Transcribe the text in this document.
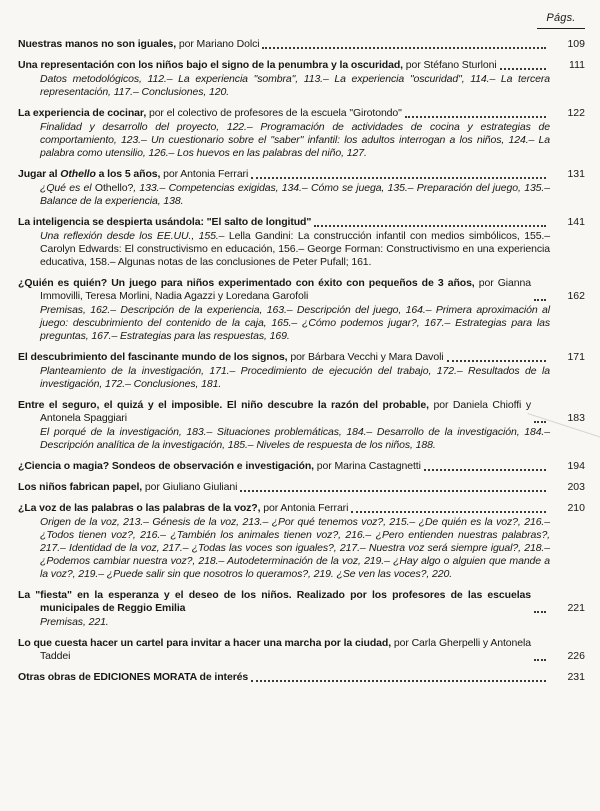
Págs.
Nuestras manos no son iguales, por Mariano Dolci	109
Una representación con los niños bajo el signo de la penumbra y la oscuridad, por Stéfano Sturloni	111
Datos metodológicos, 112.– La experiencia "sombra", 113.– La experiencia "oscuridad", 114.– La tercera representación, 117.– Conclusiones, 120.
La experiencia de cocinar, por el colectivo de profesores de la escuela "Girotondo"	122
Finalidad y desarrollo del proyecto, 122.– Programación de actividades de cocina y estrategias de comportamiento, 123.– Un cuestionario sobre el "saber" infantil: los adultos interrogan a los niños, 124.– La palabra como utensilio, 126.– Los huevos en las palabras del niño, 127.
Jugar al Othello a los 5 años, por Antonia Ferrari	131
¿Qué es el Othello?, 133.– Competencias exigidas, 134.– Cómo se juega, 135.– Preparación del juego, 135.– Balance de la experiencia, 138.
La inteligencia se despierta usándola: "El salto de longitud"	141
Una reflexión desde los EE.UU., 155.– Lella Gandini: La construcción infantil con medios simbólicos, 155.– Carolyn Edwards: El constructivismo en educación, 156.– George Forman: Constructivismo en una experiencia educativa, 158.– Algunas notas de las conclusiones de Peter Pufall; 161.
¿Quién es quién? Un juego para niños experimentado con éxito con pequeños de 3 años, por Gianna Immovilli, Teresa Morlini, Nadia Agazzi y Loredana Garofoli	162
Premisas, 162.– Descripción de la experiencia, 163.– Descripción del juego, 164.– Primera aproximación al juego: descubrimiento del contenido de la caja, 165.– ¿Cómo podemos jugar?, 167.– Estrategias para las preguntas, 167.– Estrategias para las respuestas, 169.
El descubrimiento del fascinante mundo de los signos, por Bárbara Vecchi y Mara Davoli	171
Planteamiento de la investigación, 171.– Procedimiento de ejecución del trabajo, 172.– Resultados de la investigación, 172.– Conclusiones, 181.
Entre el seguro, el quizá y el imposible. El niño descubre la razón del probable, por Daniela Chioffi y Antonela Spaggiari	183
El porqué de la investigación, 183.– Situaciones problemáticas, 184.– Desarrollo de la investigación, 184.– Descripción analítica de la investigación, 185.– Niveles de respuesta de los niños, 188.
¿Ciencia o magia? Sondeos de observación e investigación, por Marina Castagnetti	194
Los niños fabrican papel, por Giuliano Giuliani	203
¿La voz de las palabras o las palabras de la voz?, por Antonia Ferrari	210
Origen de la voz, 213.– Génesis de la voz, 213.– ¿Por qué tenemos voz?, 215.– ¿De quién es la voz?, 216.– ¿Todos tienen voz?, 216.– ¿También los animales tienen voz?, 216.– ¿Pero entienden nuestras palabras?, 217.– Identidad de la voz, 217.– ¿Todas las voces son iguales?, 217.– Nuestra voz será siempre igual?, 218.– ¿Podemos cambiar nuestra voz?, 218.– Autodeterminación de la voz, 219.– ¿Hay algo o alguien que mande a la voz?, 219.– ¿Puede salir sin que nosotros lo queramos?, 219. ¿Se ven las voces?, 220.
La "fiesta" en la esperanza y el deseo de los niños. Realizado por los profesores de las escuelas municipales de Reggio Emilia	221
Premisas, 221.
Lo que cuesta hacer un cartel para invitar a hacer una marcha por la ciudad, por Carla Gherpelli y Antonela Taddei	226
Otras obras de EDICIONES MORATA de interés	231
